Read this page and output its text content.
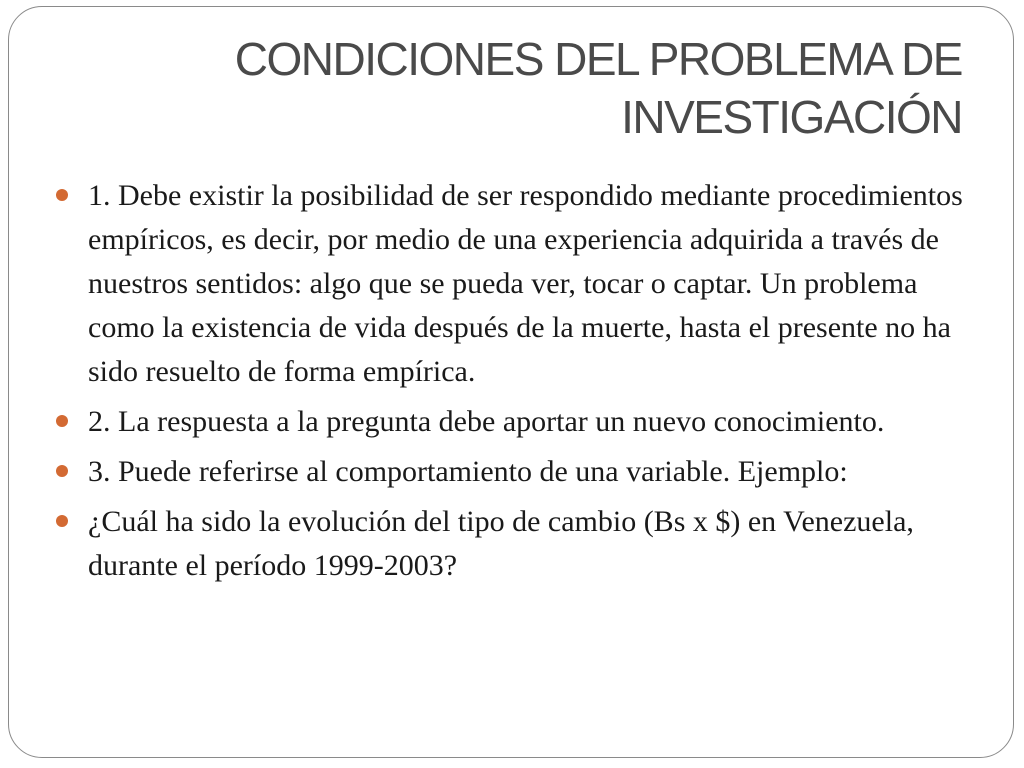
CONDICIONES DEL PROBLEMA DE
INVESTIGACIÓN
1. Debe existir la posibilidad de ser respondido mediante procedimientos empíricos, es decir, por medio de una experiencia adquirida a través de nuestros sentidos: algo que se pueda ver, tocar o captar. Un problema como la existencia de vida después de la muerte, hasta el presente no ha sido resuelto de forma empírica.
2. La respuesta a la pregunta debe aportar un nuevo conocimiento.
3. Puede referirse al comportamiento de una variable. Ejemplo:
¿Cuál ha sido la evolución del tipo de cambio (Bs x $) en Venezuela, durante el período 1999-2003?
